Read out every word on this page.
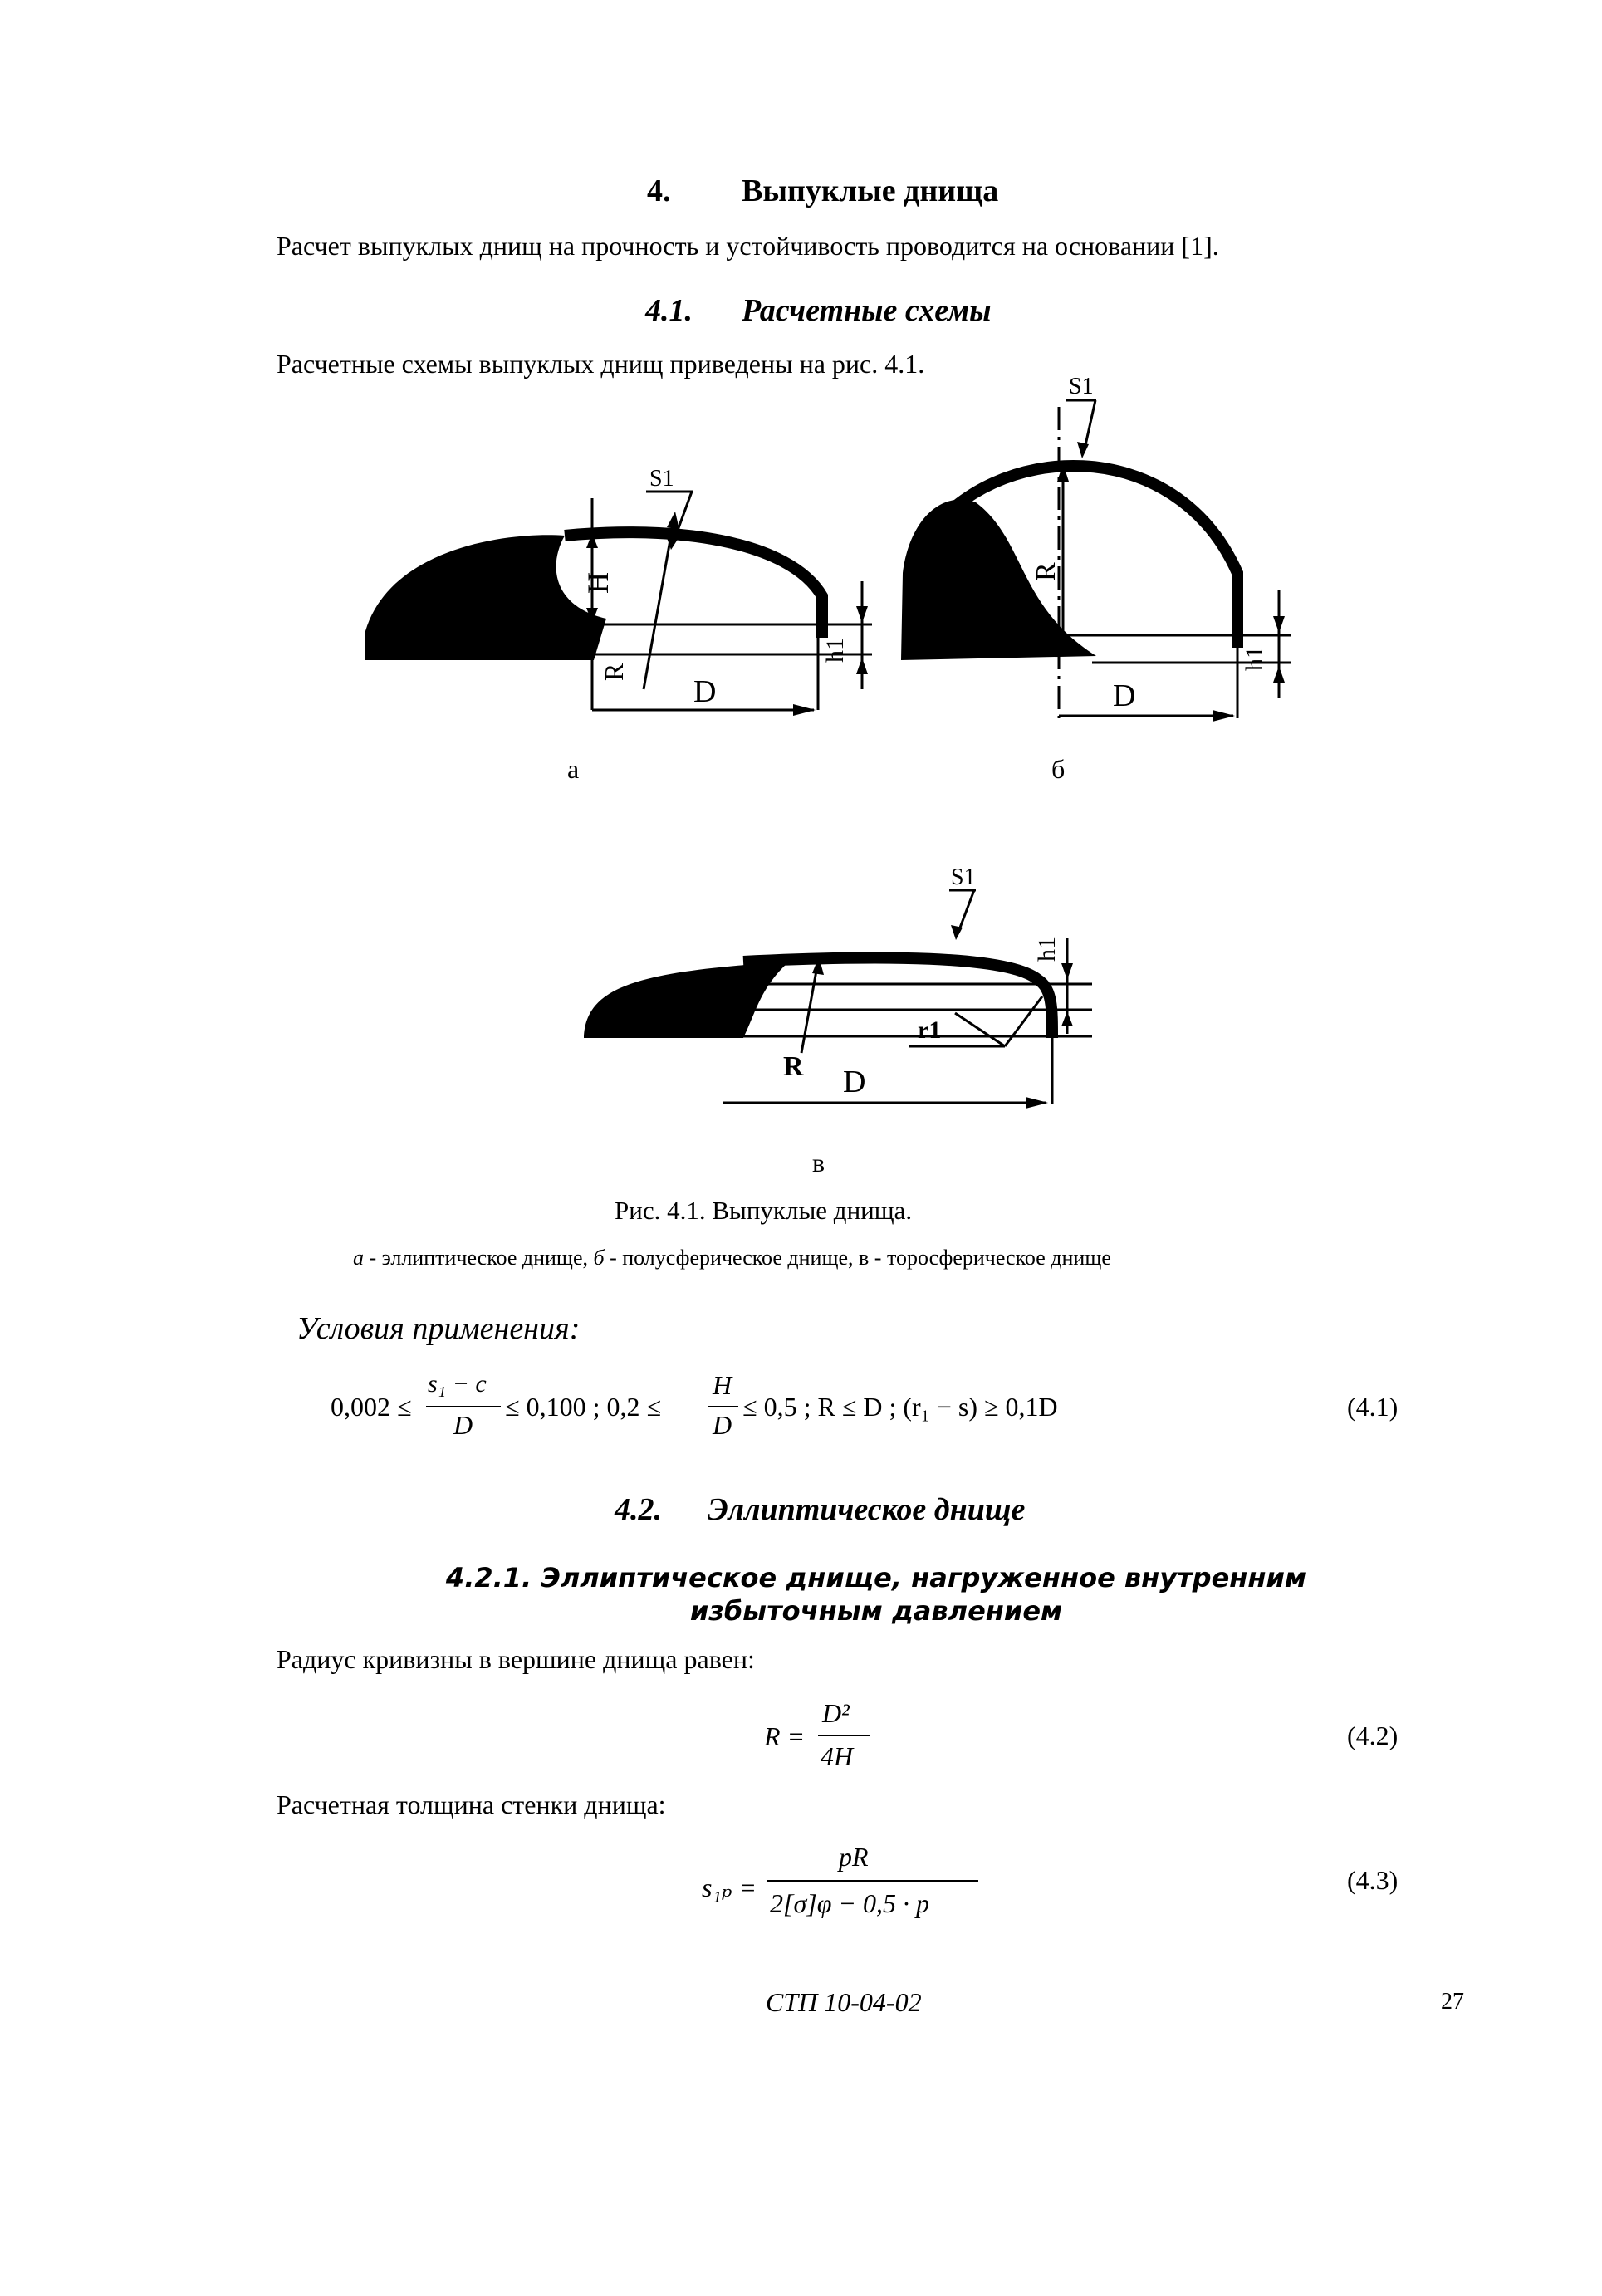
4. Выпуклые днища
Расчет выпуклых днищ на прочность и устойчивость проводится на основании [1].
4.1. Расчетные схемы
Расчетные схемы выпуклых днищ приведены на рис. 4.1.
S1
H
R
h1
D
S1
R
h1
D
а	б
S1
h1
r1
R D
в
Рис. 4.1. Выпуклые днища.
а - эллиптическое днище, б - полусферическое днище, в - торосферическое днище
Условия применения:
0,002 ≤
s₁ − c
D
≤ 0,100 ; 0,2 ≤
H
D
≤ 0,5 ; R ≤ D ; (r₁ − s) ≥ 0,1D	(4.1)
4.2. Эллиптическое днище
4.2.1. Эллиптическое днище, нагруженное внутренним избыточным давлением
Радиус кривизны в вершине днища равен:
R =
D²
4H
(4.2)
Расчетная толщина стенки днища:
s₁ₚ =
pR
2[σ]φ − 0,5 · p
(4.3)
СТП 10-04-02	27
